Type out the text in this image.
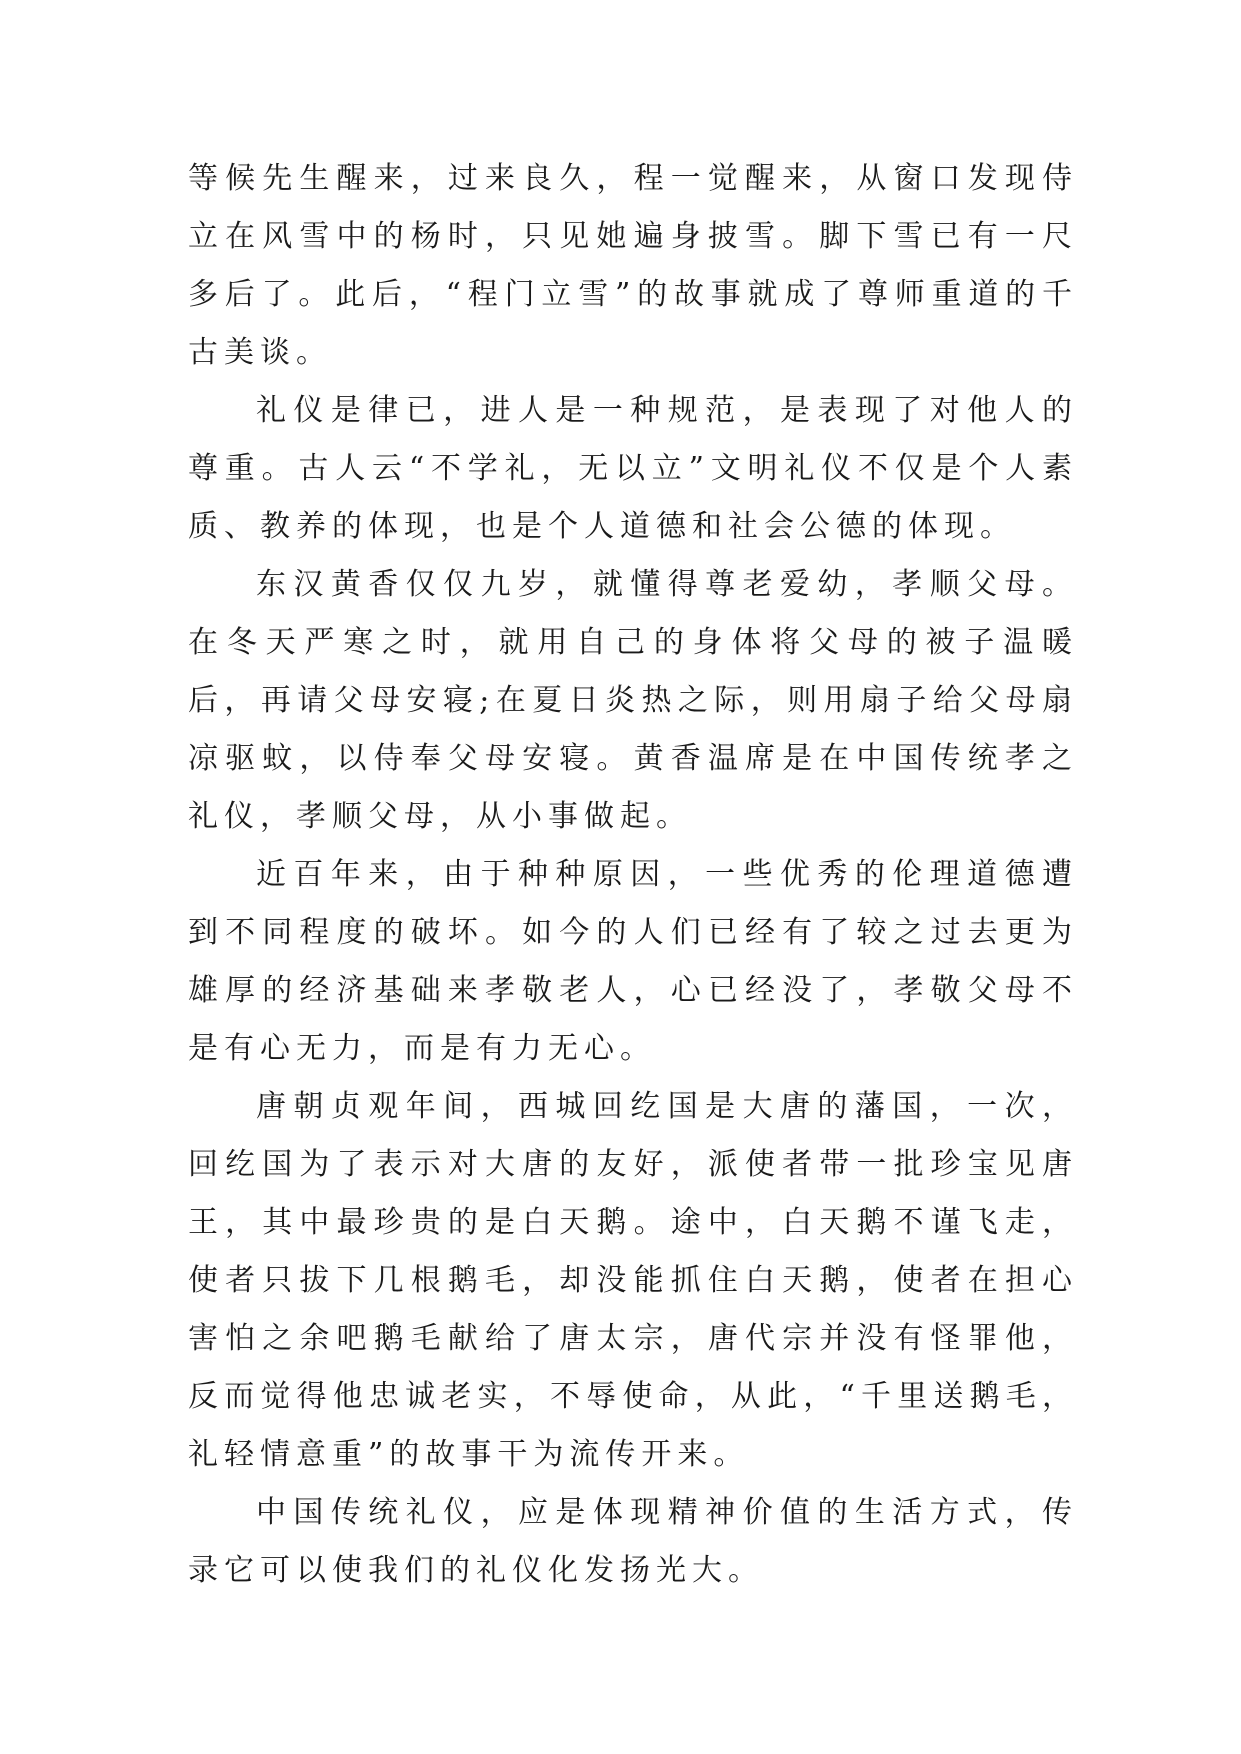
等候先生醒来，过来良久，程一觉醒来，从窗口发现侍立在风雪中的杨时，只见她遍身披雪。脚下雪已有一尺多后了。此后，“程门立雪”的故事就成了尊师重道的千古美谈。

礼仪是律已，进人是一种规范，是表现了对他人的尊重。古人云“不学礼，无以立”文明礼仪不仅是个人素质、教养的体现，也是个人道德和社会公德的体现。

东汉黄香仅仅九岁，就懂得尊老爱幼，孝顺父母。在冬天严寒之时，就用自己的身体将父母的被子温暖后，再请父母安寝;在夏日炎热之际，则用扇子给父母扇凉驱蚊，以侍奉父母安寝。黄香温席是在中国传统孝之礼仪，孝顺父母，从小事做起。

近百年来，由于种种原因，一些优秀的伦理道德遭到不同程度的破坏。如今的人们已经有了较之过去更为雄厚的经济基础来孝敬老人，心已经没了，孝敬父母不是有心无力，而是有力无心。

唐朝贞观年间，西城回纥国是大唐的藩国，一次，回纥国为了表示对大唐的友好，派使者带一批珍宝见唐王，其中最珍贵的是白天鹅。途中，白天鹅不谨飞走，使者只拔下几根鹅毛，却没能抓住白天鹅，使者在担心害怕之余吧鹅毛献给了唐太宗，唐代宗并没有怪罪他，反而觉得他忠诚老实，不辱使命，从此，“千里送鹅毛，礼轻情意重”的故事干为流传开来。

中国传统礼仪，应是体现精神价值的生活方式，传录它可以使我们的礼仪化发扬光大。
